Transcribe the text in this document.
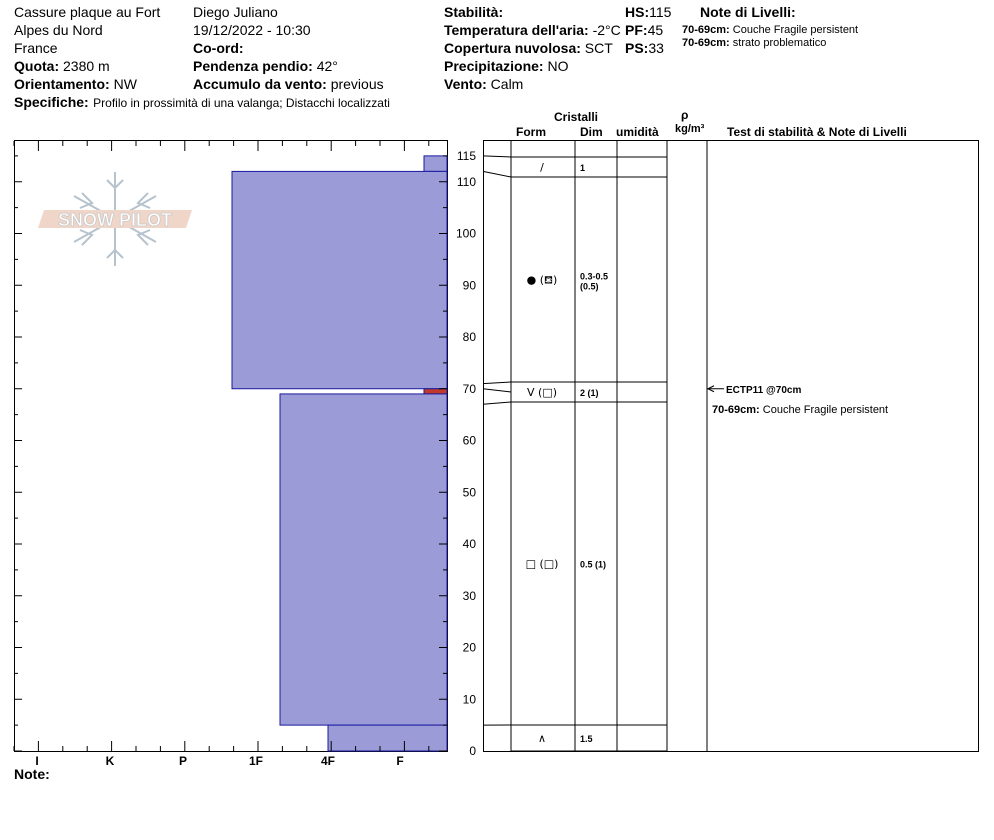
Cassure plaque au Fort
Alpes du Nord
France
Quota: 2380 m
Orientamento: NW
Specifiche: Profilo in prossimità di una valanga; Distacchi localizzati
Diego Juliano
19/12/2022 - 10:30
Co-ord:
Pendenza pendio: 42°
Accumulo da vento: previous
Stabilità:
Temperatura dell'aria: -2°C
Copertura nuvolosa: SCT
Precipitazione: NO
Vento: Calm
HS:115
PF:45
PS:33
Note di Livelli:
70-69cm: Couche Fragile persistent
70-69cm: strato problematico
Cristalli
Form	Dim umidità
ρ
kg/m³ Test di stabilità & Note di Livelli
Note:
SNOW PILOT
0
10
20
30
40
50
60
70
80
90
100
110
115
I	K	P	1F	4F	F
/	1
● (⛾)	0.3-0.5
(0.5)
V (□)	2 (1)
□ (□) 0.5 (1)
∧	1.5
ECTP11 @70cm
70-69cm: Couche Fragile persistent
